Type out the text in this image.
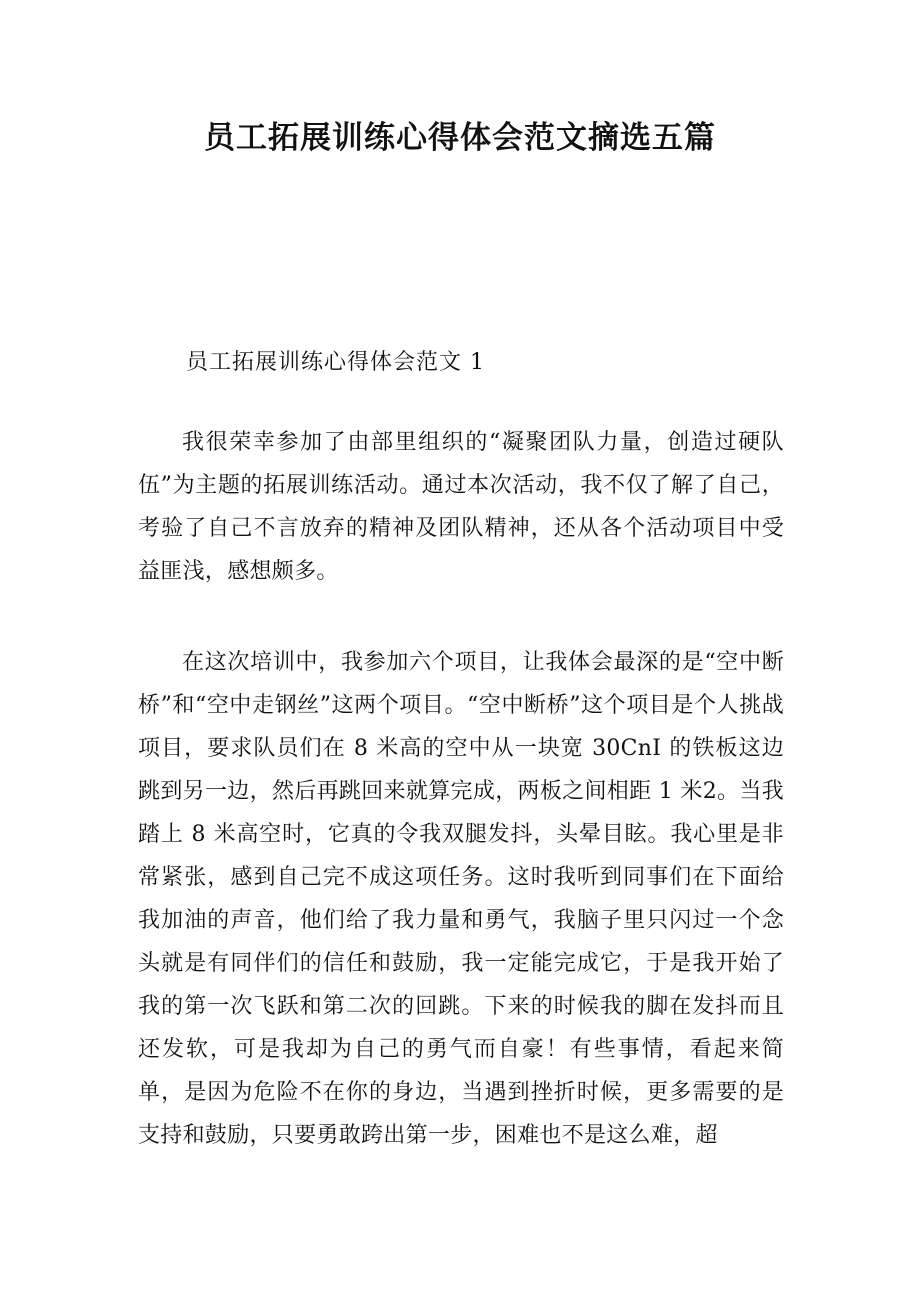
员工拓展训练心得体会范文摘选五篇

员工拓展训练心得体会范文 1

我很荣幸参加了由部里组织的“凝聚团队力量，创造过硬队伍”为主题的拓展训练活动。通过本次活动，我不仅了解了自己，考验了自己不言放弃的精神及团队精神，还从各个活动项目中受益匪浅，感想颇多。

在这次培训中，我参加六个项目，让我体会最深的是“空中断桥”和“空中走钢丝”这两个项目。“空中断桥”这个项目是个人挑战项目，要求队员们在 8 米高的空中从一块宽 30CnI 的铁板这边跳到另一边，然后再跳回来就算完成，两板之间相距 1 米2。当我踏上 8 米高空时，它真的令我双腿发抖，头晕目眩。我心里是非常紧张，感到自己完不成这项任务。这时我听到同事们在下面给我加油的声音，他们给了我力量和勇气，我脑子里只闪过一个念头就是有同伴们的信任和鼓励，我一定能完成它，于是我开始了我的第一次飞跃和第二次的回跳。下来的时候我的脚在发抖而且还发软，可是我却为自己的勇气而自豪！有些事情，看起来简单，是因为危险不在你的身边，当遇到挫折时候，更多需要的是支持和鼓励，只要勇敢跨出第一步，困难也不是这么难，超
